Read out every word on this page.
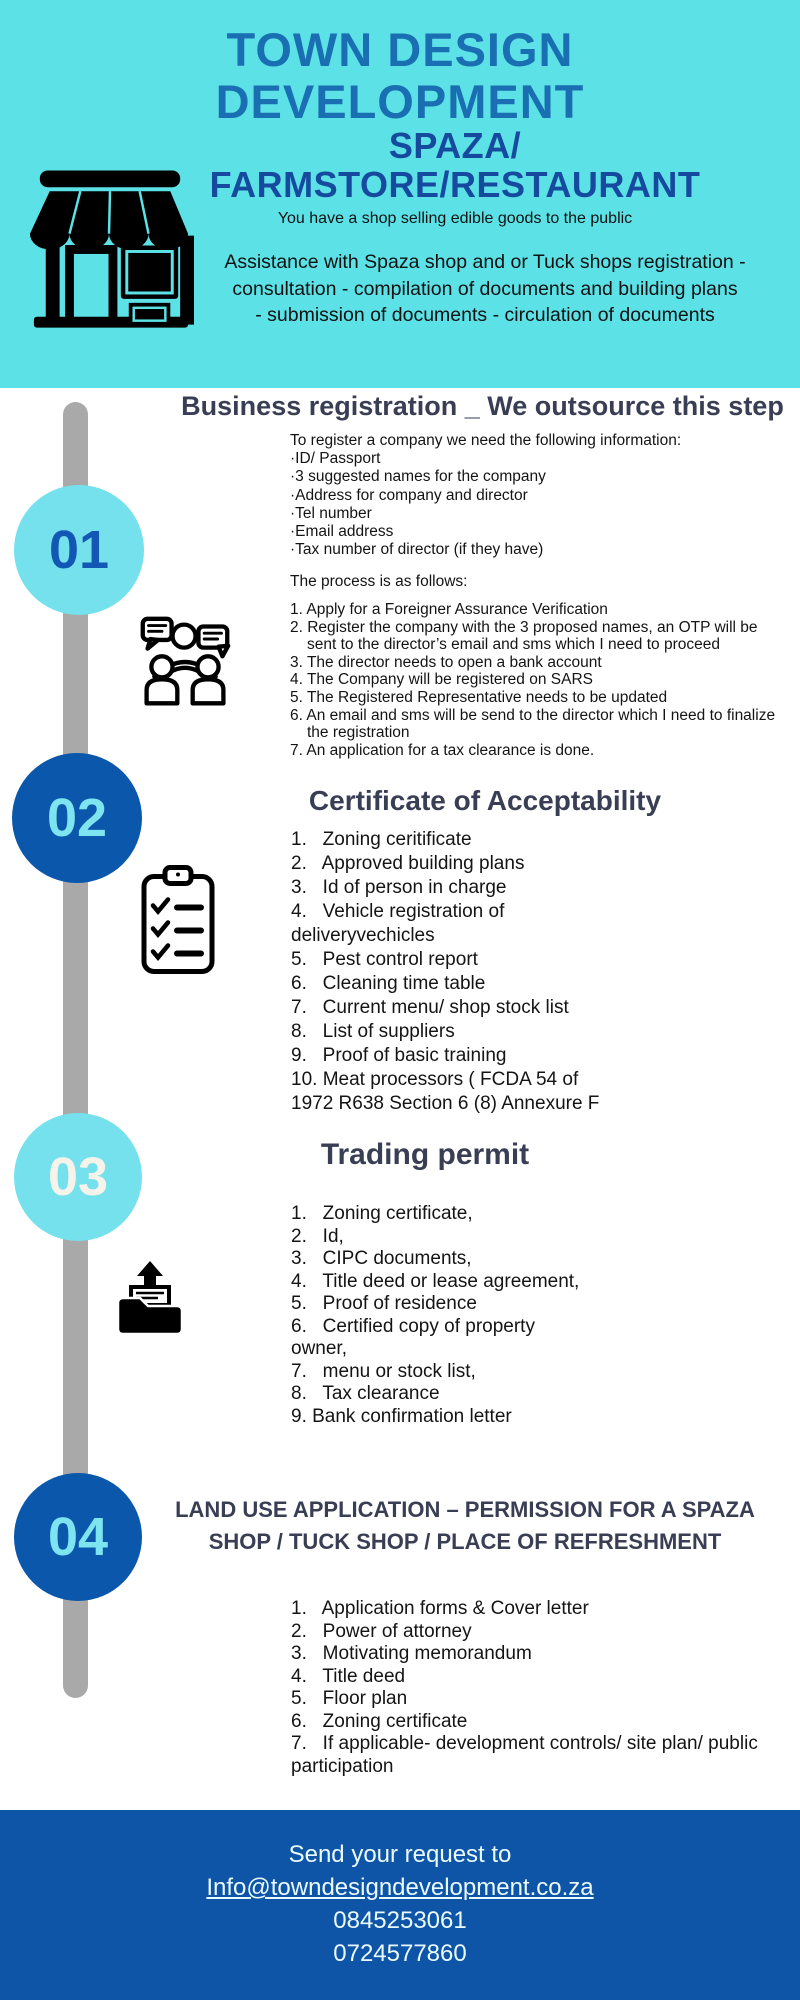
TOWN DESIGN
DEVELOPMENT
SPAZA/
FARMSTORE/RESTAURANT
You have a shop selling edible goods to the public
Assistance with Spaza shop and or Tuck shops registration -
consultation - compilation of documents and building plans
- submission of documents - circulation of documents
01
02
03
04
Business registration _ We outsource this step
To register a company we need the following information:
·ID/ Passport
·3 suggested names for the company
·Address for company and director
·Tel number
·Email address
·Tax number of director (if they have)
The process is as follows:
1. Apply for a Foreigner Assurance Verification
2. Register the company with the 3 proposed names, an OTP will be sent to the director’s email and sms which I need to proceed
3. The director needs to open a bank account
4. The Company will be registered on SARS
5. The Registered Representative needs to be updated
6. An email and sms will be send to the director which I need to finalize the registration
7. An application for a tax clearance is done.
Certificate of Acceptability
1.   Zoning ceritificate
2.   Approved building plans
3.   Id of person in charge
4.   Vehicle registration of
deliveryvechicles
5.   Pest control report
6.   Cleaning time table
7.   Current menu/ shop stock list
8.   List of suppliers
9.   Proof of basic training
10. Meat processors ( FCDA 54 of
1972 R638 Section 6 (8) Annexure F
Trading permit
1.   Zoning certificate,
2.   Id,
3.   CIPC documents,
4.   Title deed or lease agreement,
5.   Proof of residence
6.   Certified copy of property
owner,
7.   menu or stock list,
8.   Tax clearance
9. Bank confirmation letter
LAND USE APPLICATION – PERMISSION FOR A SPAZA
SHOP / TUCK SHOP / PLACE OF REFRESHMENT
1.   Application forms & Cover letter
2.   Power of attorney
3.   Motivating memorandum
4.   Title deed
5.   Floor plan
6.   Zoning certificate
7.   If applicable- development controls/ site plan/ public
participation
Send your request to
Info@towndesigndevelopment.co.za
0845253061
0724577860
